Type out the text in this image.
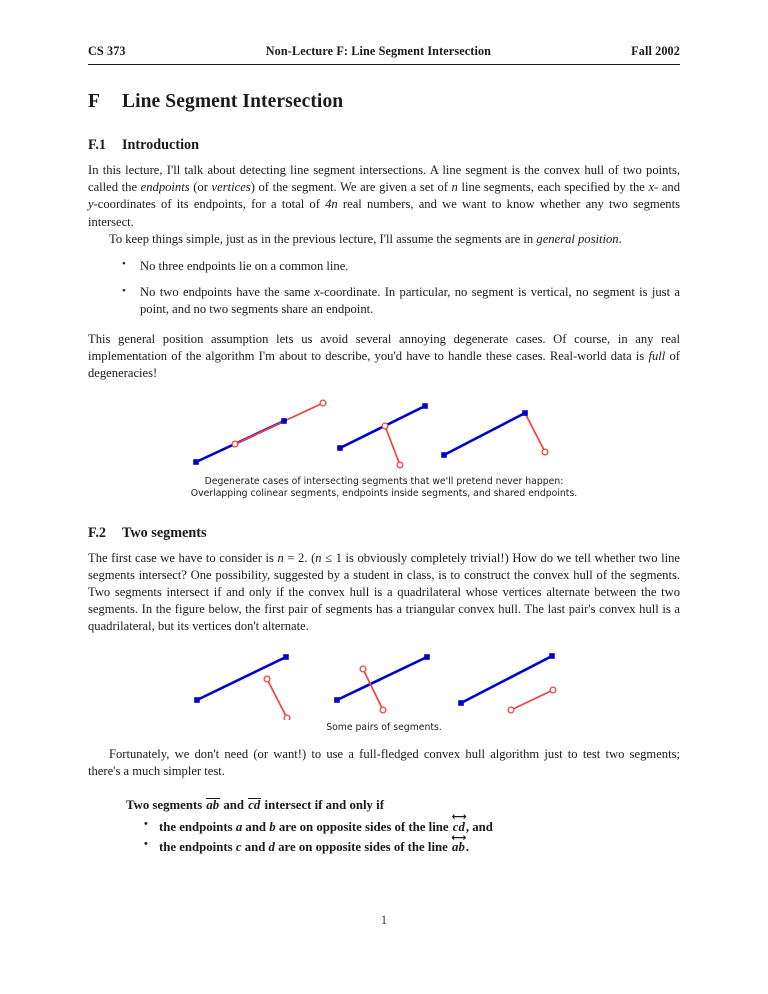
CS 373	Non-Lecture F: Line Segment Intersection	Fall 2002
F Line Segment Intersection
F.1 Introduction

In this lecture, I'll talk about detecting line segment intersections. A line segment is the convex hull of two points, called the endpoints (or vertices) of the segment. We are given a set of n line segments, each specified by the x- and y-coordinates of its endpoints, for a total of 4n real numbers, and we want to know whether any two segments intersect.

To keep things simple, just as in the previous lecture, I'll assume the segments are in general position.

• No three endpoints lie on a common line.
• No two endpoints have the same x-coordinate. In particular, no segment is vertical, no segment is just a point, and no two segments share an endpoint.

This general position assumption lets us avoid several annoying degenerate cases. Of course, in any real implementation of the algorithm I'm about to describe, you'd have to handle these cases. Real-world data is full of degeneracies!

Degenerate cases of intersecting segments that we'll pretend never happen:
Overlapping colinear segments, endpoints inside segments, and shared endpoints.
F.2 Two segments

The first case we have to consider is n = 2. (n ≤ 1 is obviously completely trivial!) How do we tell whether two line segments intersect? One possibility, suggested by a student in class, is to construct the convex hull of the segments. Two segments intersect if and only if the convex hull is a quadrilateral whose vertices alternate between the two segments. In the figure below, the first pair of segments has a triangular convex hull. The last pair's convex hull is a quadrilateral, but its vertices don't alternate.

Some pairs of segments.

Fortunately, we don't need (or want!) to use a full-fledged convex hull algorithm just to test two segments; there's a much simpler test.

Two segments ab and cd intersect if and only if
• the endpoints a and b are on opposite sides of the line
⟷
cd, and
• the endpoints c and d are on opposite sides of the line
⟷
ab.
1
